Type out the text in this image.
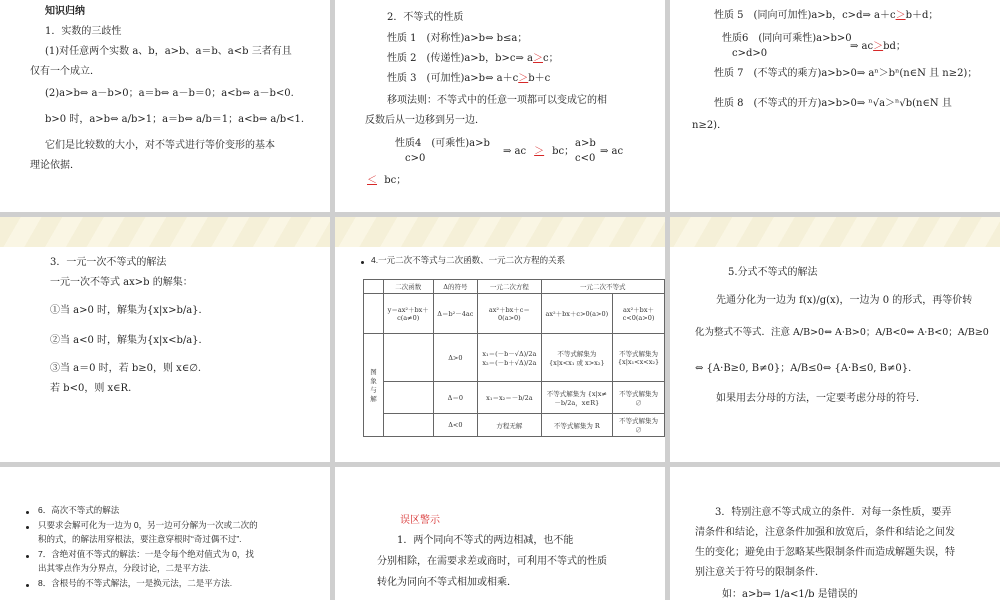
知识归纳
1．实数的三歧性
(1)对任意两个实数 a、b，a>b、a＝b、a<b 三者有且
仅有一个成立．
(2)a>b⇔ a－b>0；a＝b⇔ a－b＝0；a<b⇔ a－b<0.
b>0 时，a>b⇔ a/b>1；a＝b⇔ a/b＝1；a<b⇔ a/b<1.
它们是比较数的大小，对不等式进行等价变形的基本
理论依据．
2．不等式的性质
性质 1　(对称性)a>b⇔ b≤a；
性质 2　(传递性)a>b，b>c⇒ a＞c；
性质 3　(可加性)a>b⇔ a＋c＞b＋c
移项法则：不等式中的任意一项都可以变成它的相
反数后从一边移到另一边．
性质4　(可乘性)a>b
c>0
⇒ ac ＞ bc；
a>b
c<0
⇒ ac
＜ bc；
性质 5　(同向可加性)a>b，c>d⇒ a＋c＞b＋d；
性质6　(同向可乘性)a>b>0
c>d>0
⇒ ac＞bd；
性质 7　(不等式的乘方)a>b>0⇒ aⁿ＞bⁿ(n∈N 且 n≥2)；
性质 8　(不等式的开方)a>b>0⇒ ⁿ√a＞ⁿ√b(n∈N 且
n≥2)．
3．一元一次不等式的解法
一元一次不等式 ax>b 的解集：
①当 a>0 时，解集为{x|x>b/a}．
②当 a<0 时，解集为{x|x<b/a}．
③当 a＝0 时，若 b≥0，则 x∈∅.
若 b<0，则 x∈R.
4.一元二次不等式与二次函数、一元二次方程的关系
	二次函数	Δ的符号	一元二次方程	一元二次不等式	
	y＝ax²＋bx＋c(a≠0)	Δ＝b²－4ac	ax²＋bx＋c＝0(a>0)	ax²＋bx＋c>0(a>0)	ax²＋bx＋c<0(a>0)
图象与解		Δ>0	x₁＝(－b－√Δ)/2a x₂＝(－b＋√Δ)/2a	不等式解集为 {x|x<x₁ 或 x>x₂}	不等式解集为 {x|x₁<x<x₂}
		Δ＝0	x₁＝x₂＝－b/2a	不等式解集为 {x|x≠－b/2a，x∈R}	不等式解集为 ∅
		Δ<0	方程无解	不等式解集为 R	不等式解集为 ∅
5.分式不等式的解法
先通分化为一边为 f(x)/g(x)，一边为 0 的形式，再等价转
化为整式不等式．注意 A/B>0⇔ A·B>0；A/B<0⇔ A·B<0；A/B≥0
⇔ {A·B≥0, B≠0}；A/B≤0⇔ {A·B≤0, B≠0}．
如果用去分母的方法，一定要考虑分母的符号．
6．高次不等式的解法
只要求会解可化为一边为 0，另一边可分解为一次或二次的
积的式，的解法用穿根法，要注意穿根时“奇过偶不过”.
7．含绝对值不等式的解法：一是令每个绝对值式为 0，找
出其零点作为分界点，分段讨论，二是平方法.
8．含根号的不等式解法，一是换元法，二是平方法.
误区警示
1．两个同向不等式的两边相减，也不能
分别相除，在需要求差或商时，可利用不等式的性质
转化为同向不等式相加或相乘．
3．特别注意不等式成立的条件．对每一条性质，要弄
清条件和结论，注意条件加强和放宽后，条件和结论之间发
生的变化；避免由于忽略某些限制条件而造成解题失误，特
别注意关于符号的限制条件．
如：a>b⇒ 1/a<1/b 是错误的
